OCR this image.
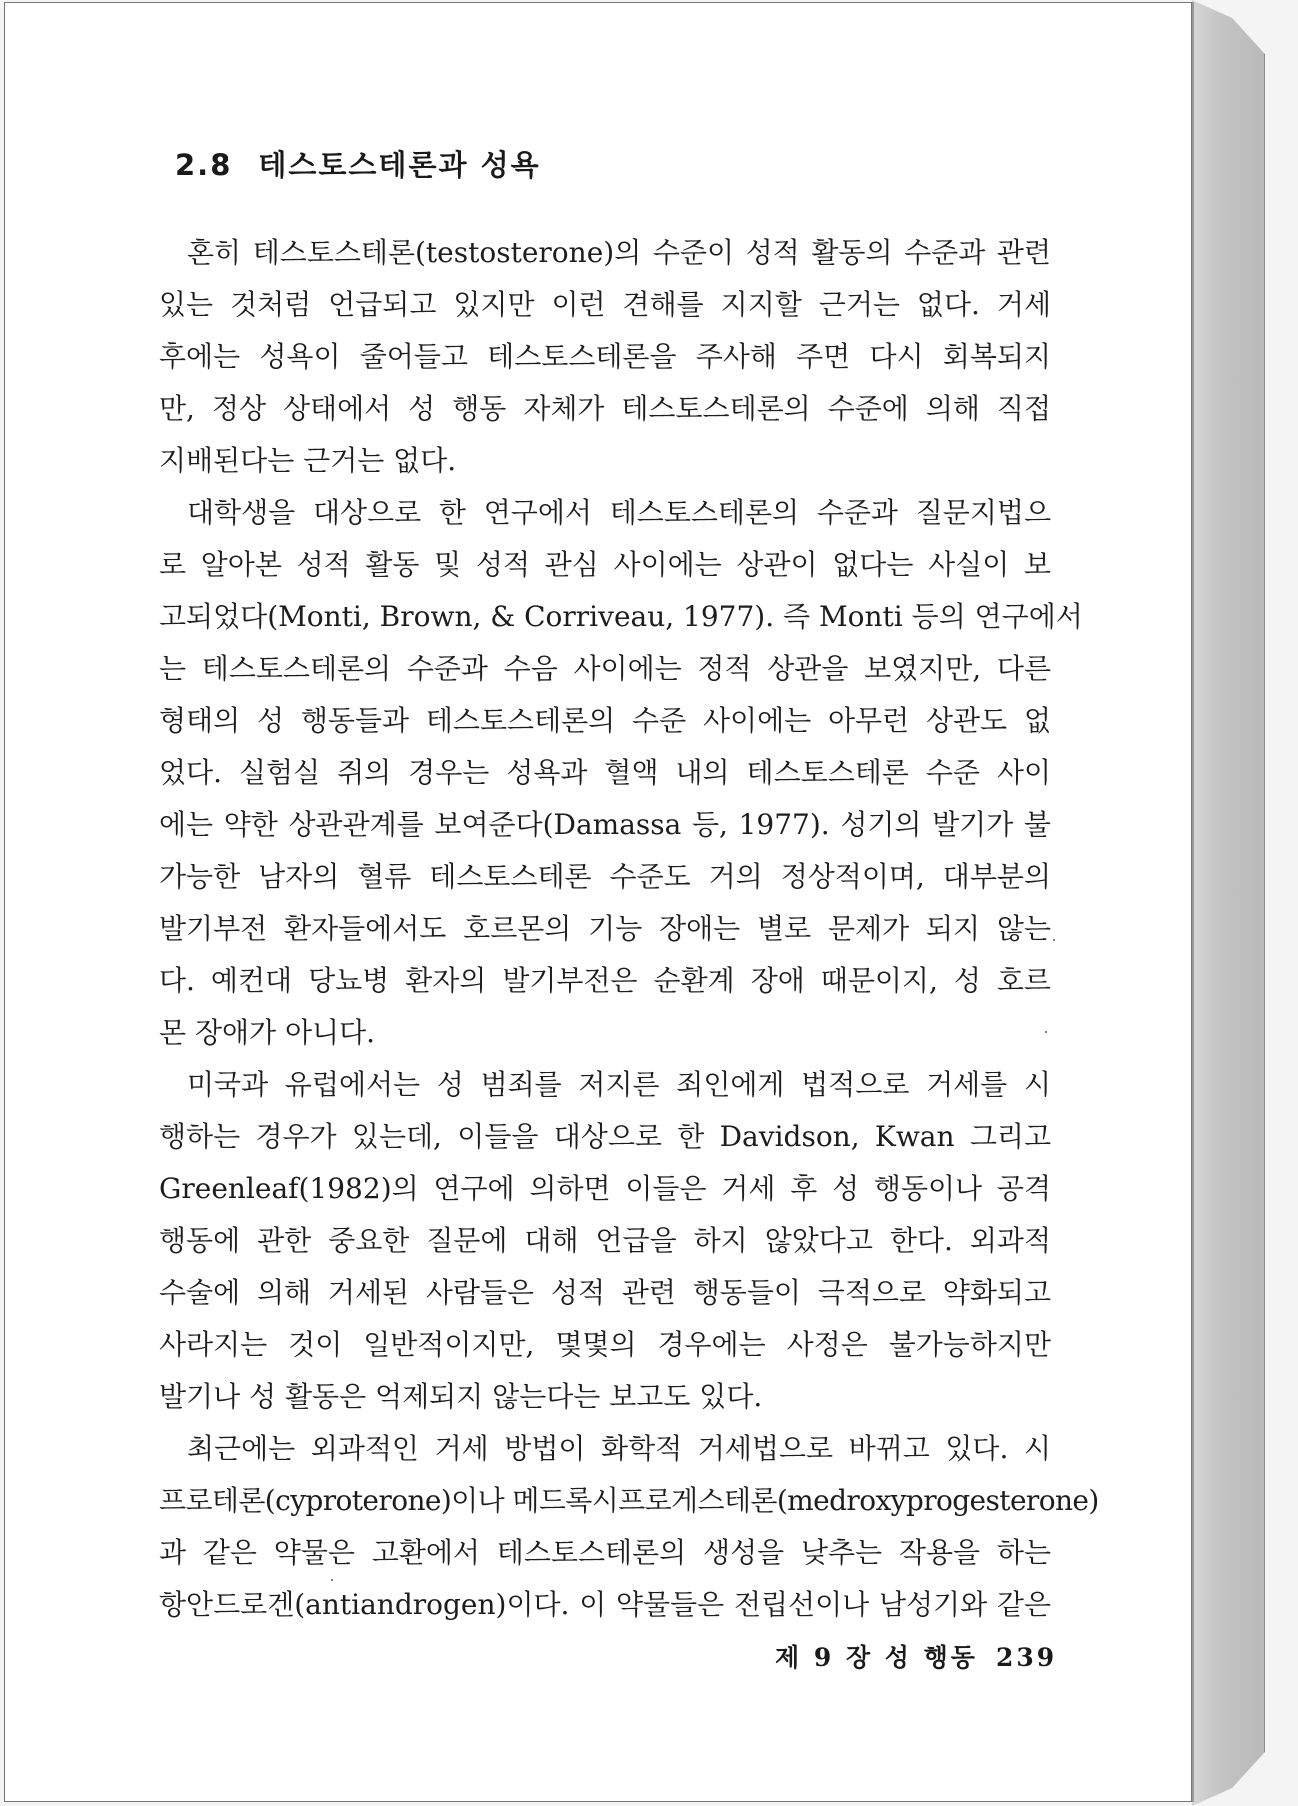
2.8 테스토스테론과 성욕
혼히 테스토스테론(testosterone)의 수준이 성적 활동의 수준과 관련
있는 것처럼 언급되고 있지만 이런 견해를 지지할 근거는 없다. 거세
후에는 성욕이 줄어들고 테스토스테론을 주사해 주면 다시 회복되지
만, 정상 상태에서 성 행동 자체가 테스토스테론의 수준에 의해 직접
지배된다는 근거는 없다.
대학생을 대상으로 한 연구에서 테스토스테론의 수준과 질문지법으
로 알아본 성적 활동 및 성적 관심 사이에는 상관이 없다는 사실이 보
고되었다(Monti, Brown, & Corriveau, 1977). 즉 Monti 등의 연구에서
는 테스토스테론의 수준과 수음 사이에는 정적 상관을 보였지만, 다른
형태의 성 행동들과 테스토스테론의 수준 사이에는 아무런 상관도 없
었다. 실험실 쥐의 경우는 성욕과 혈액 내의 테스토스테론 수준 사이
에는 약한 상관관계를 보여준다(Damassa 등, 1977). 성기의 발기가 불
가능한 남자의 혈류 테스토스테론 수준도 거의 정상적이며, 대부분의
발기부전 환자들에서도 호르몬의 기능 장애는 별로 문제가 되지 않는
다. 예컨대 당뇨병 환자의 발기부전은 순환계 장애 때문이지, 성 호르
몬 장애가 아니다.
미국과 유럽에서는 성 범죄를 저지른 죄인에게 법적으로 거세를 시
행하는 경우가 있는데, 이들을 대상으로 한 Davidson, Kwan 그리고
Greenleaf(1982)의 연구에 의하면 이들은 거세 후 성 행동이나 공격
행동에 관한 중요한 질문에 대해 언급을 하지 않았다고 한다. 외과적
수술에 의해 거세된 사람들은 성적 관련 행동들이 극적으로 약화되고
사라지는 것이 일반적이지만, 몇몇의 경우에는 사정은 불가능하지만
발기나 성 활동은 억제되지 않는다는 보고도 있다.
최근에는 외과적인 거세 방법이 화학적 거세법으로 바뀌고 있다. 시
프로테론(cyproterone)이나 메드록시프로게스테론(medroxyprogesterone)
과 같은 약물은 고환에서 테스토스테론의 생성을 낮추는 작용을 하는
항안드로겐(antiandrogen)이다. 이 약물들은 전립선이나 남성기와 같은
제 9 장 성 행동 239
